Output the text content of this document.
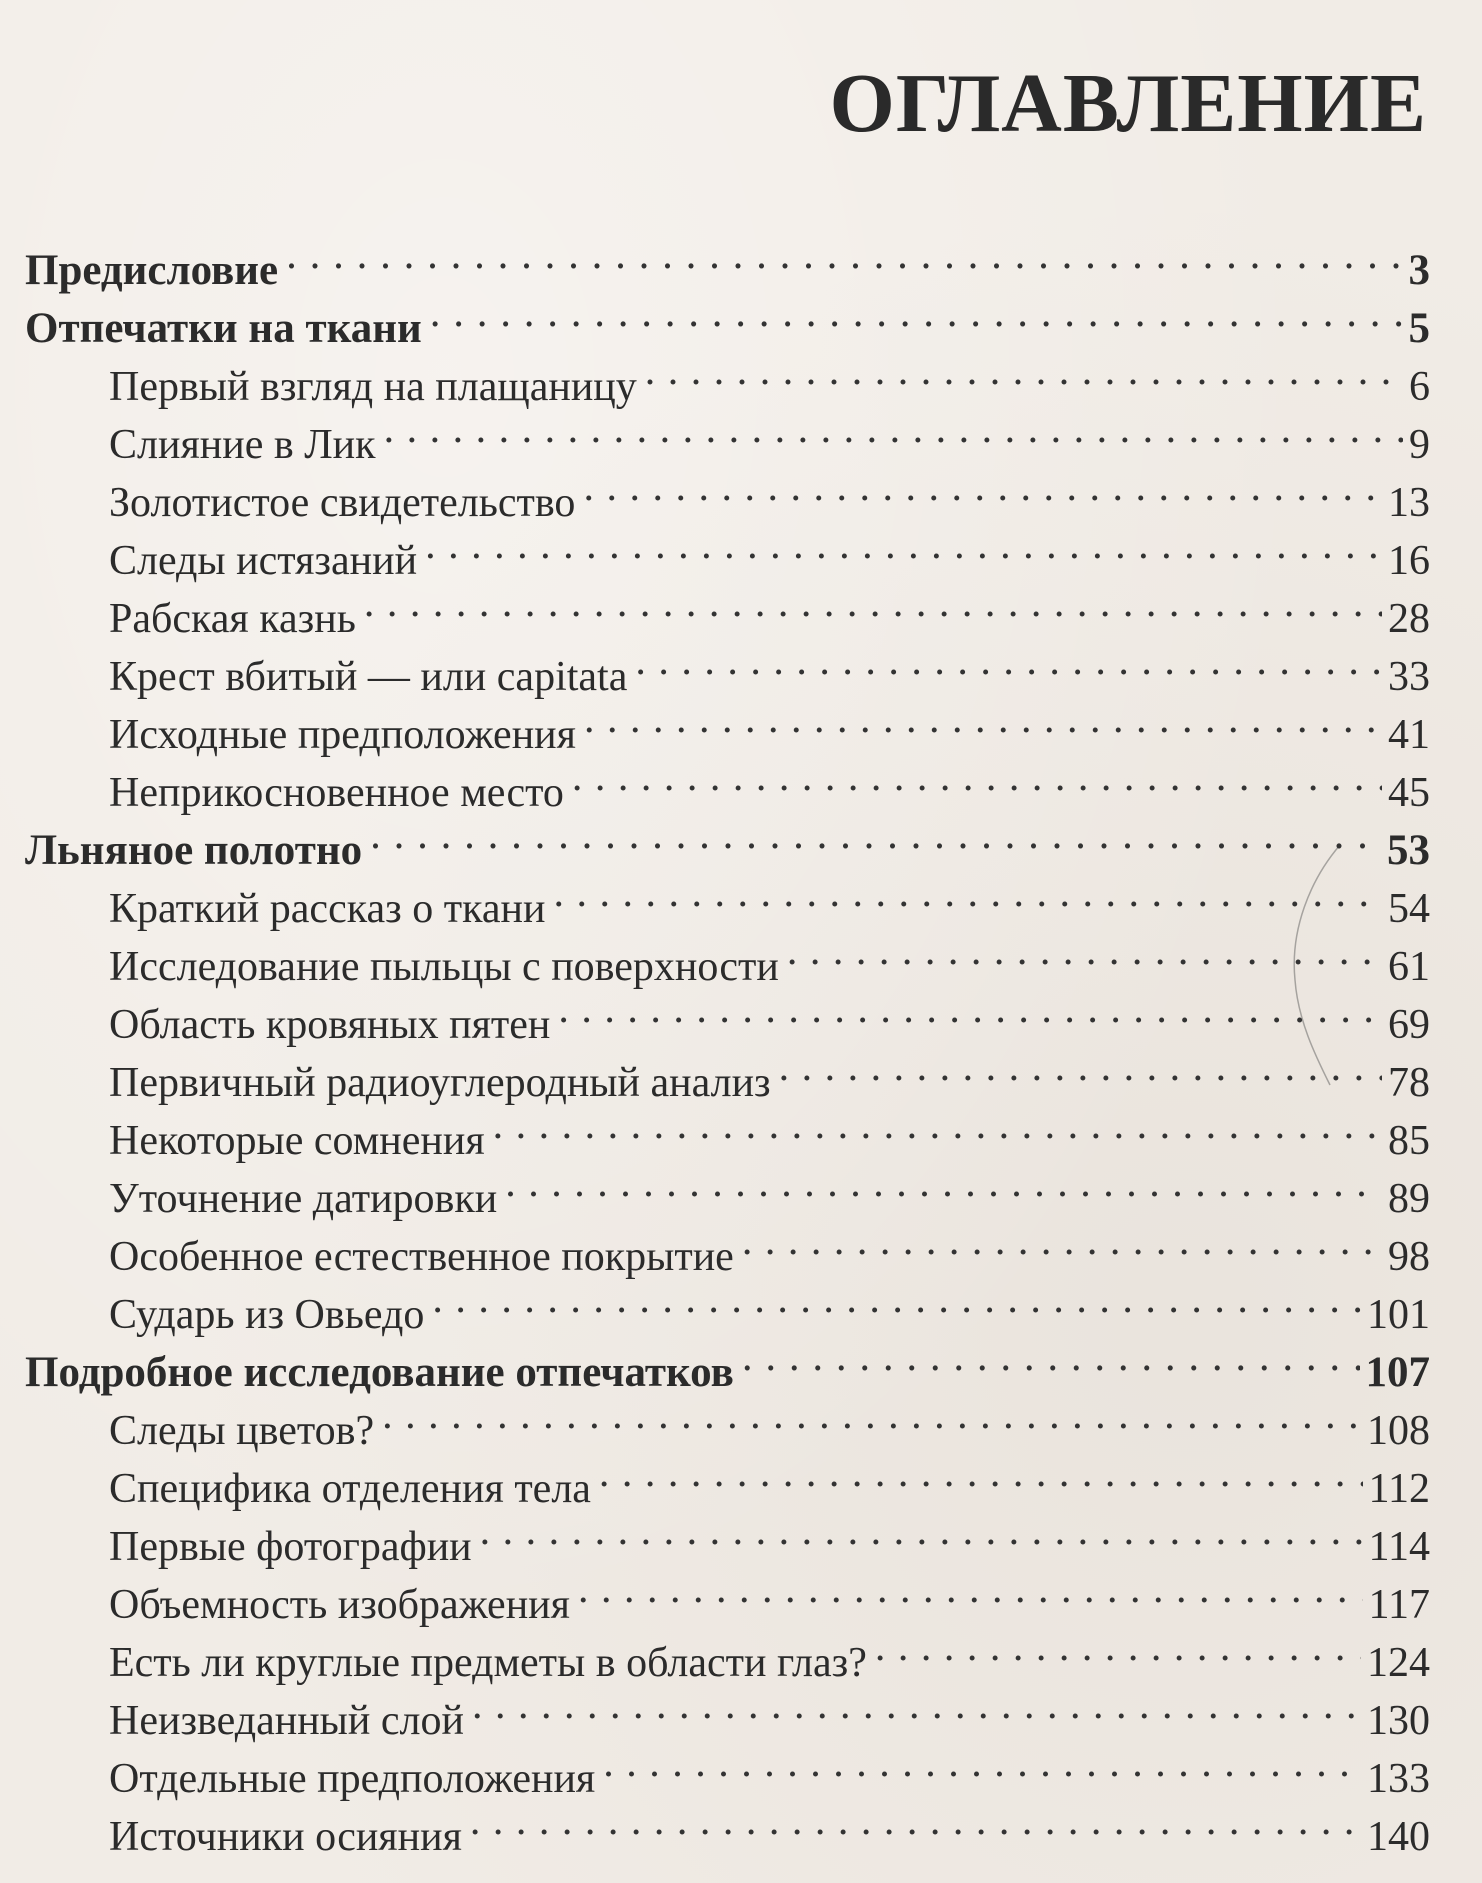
ОГЛАВЛЕНИЕ
Предисловие . . .	3
Отпечатки на ткани . . .	5
Первый взгляд на плащаницу . . .	6
Слияние в Лик . . .	9
Золотистое свидетельство . . .	13
Следы истязаний . . .	16
Рабская казнь . . .	28
Крест вбитый — или capitata . . .	33
Исходные предположения . . .	41
Неприкосновенное место . . .	45
Льняное полотно . . .	53
Краткий рассказ о ткани . . .	54
Исследование пыльцы с поверхности . . .	61
Область кровяных пятен . . .	69
Первичный радиоуглеродный анализ . . .	78
Некоторые сомнения . . .	85
Уточнение датировки . . .	89
Особенное естественное покрытие . . .	98
Сударь из Овьедо . . .	101
Подробное исследование отпечатков . . .	107
Следы цветов? . . .	108
Специфика отделения тела . . .	112
Первые фотографии . . .	114
Объемность изображения . . .	117
Есть ли круглые предметы в области глаз? . . .	124
Неизведанный слой . . .	130
Отдельные предположения . . .	133
Источники осияния . . .	140
